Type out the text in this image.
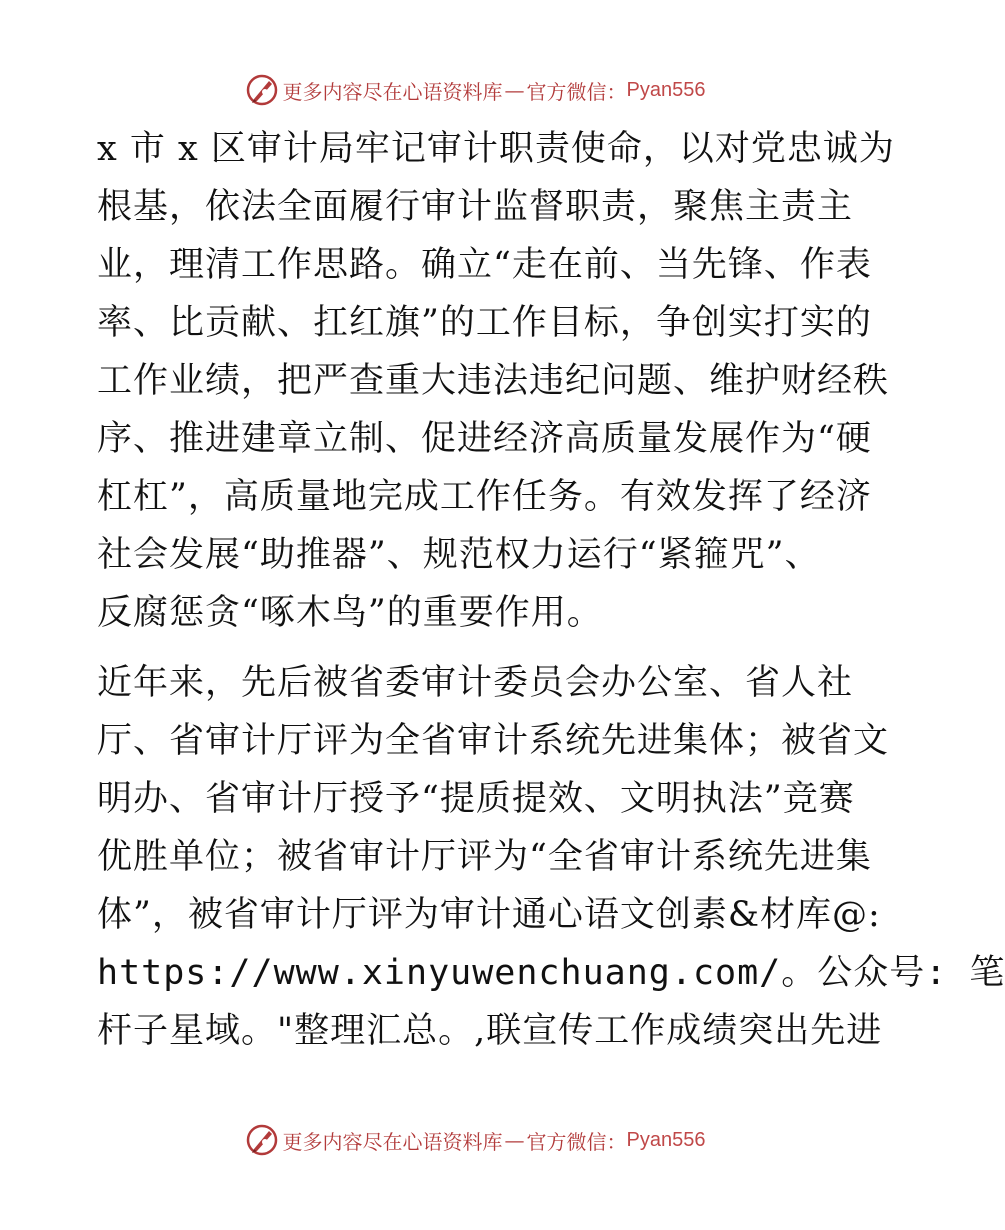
更多内容尽在心语资料库 — 官方微信： Pyan556
x 市 x 区审计局牢记审计职责使命，以对党忠诚为
根基，依法全面履行审计监督职责，聚焦主责主
业，理清工作思路。确立“走在前、当先锋、作表
率、比贡献、扛红旗”的工作目标，争创实打实的
工作业绩，把严查重大违法违纪问题、维护财经秩
序、推进建章立制、促进经济高质量发展作为“硬
杠杠”，高质量地完成工作任务。有效发挥了经济
社会发展“助推器”、规范权力运行“紧箍咒”、
反腐惩贪“啄木鸟”的重要作用。
近年来，先后被省委审计委员会办公室、省人社
厅、省审计厅评为全省审计系统先进集体；被省文
明办、省审计厅授予“提质提效、文明执法”竞赛
优胜单位；被省审计厅评为“全省审计系统先进集
体”，被省审计厅评为审计通心语文创素&材库@:
https://www.xinyuwenchuang.com/。公众号: 笔
杆子星域。"整理汇总。,联宣传工作成绩突出先进
更多内容尽在心语资料库 — 官方微信： Pyan556
